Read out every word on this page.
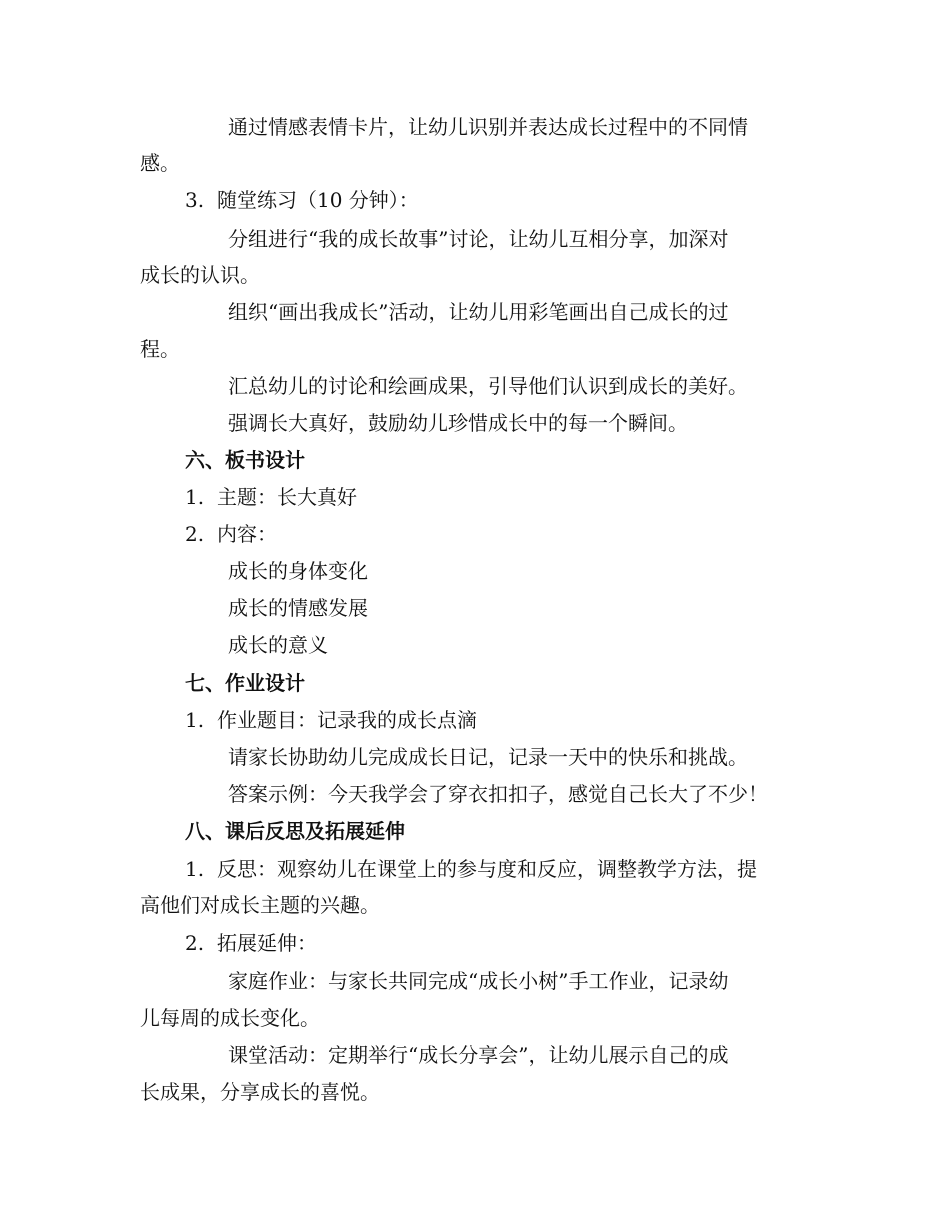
通过情感表情卡片，让幼儿识别并表达成长过程中的不同情
感。
3. 随堂练习（10 分钟）：
分组进行“我的成长故事”讨论，让幼儿互相分享，加深对
成长的认识。
组织“画出我成长”活动，让幼儿用彩笔画出自己成长的过
程。
汇总幼儿的讨论和绘画成果，引导他们认识到成长的美好。
强调长大真好，鼓励幼儿珍惜成长中的每一个瞬间。
六、板书设计
1. 主题：长大真好
2. 内容：
成长的身体变化
成长的情感发展
成长的意义
七、作业设计
1. 作业题目：记录我的成长点滴
请家长协助幼儿完成成长日记，记录一天中的快乐和挑战。
答案示例：今天我学会了穿衣扣扣子，感觉自己长大了不少！
八、课后反思及拓展延伸
1. 反思：观察幼儿在课堂上的参与度和反应，调整教学方法，提
高他们对成长主题的兴趣。
2. 拓展延伸：
家庭作业：与家长共同完成“成长小树”手工作业，记录幼
儿每周的成长变化。
课堂活动：定期举行“成长分享会”，让幼儿展示自己的成
长成果，分享成长的喜悦。
